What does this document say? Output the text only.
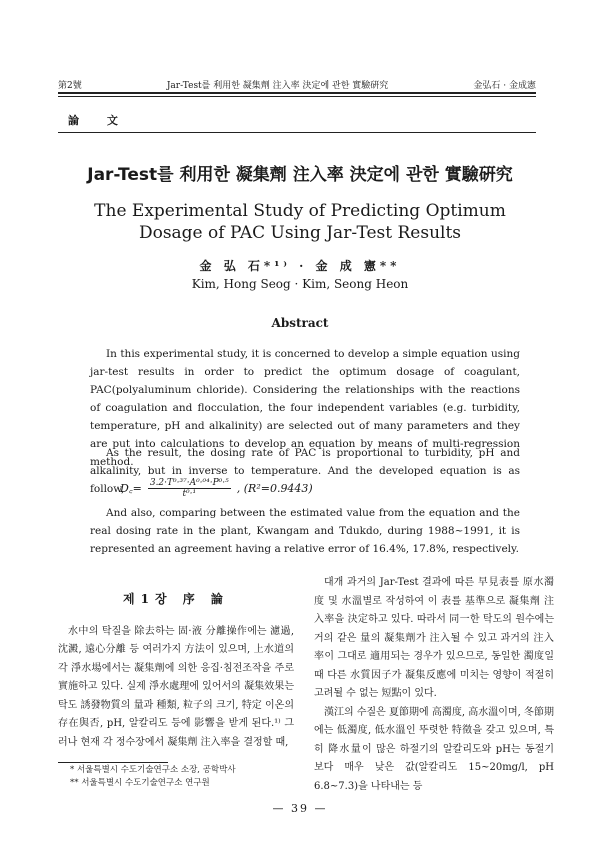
第2號	Jar-Test를 利用한 凝集劑 注入率 決定에 관한 實驗硏究	金弘石 · 金成憲
論 文
Jar-Test를 利用한 凝集劑 注入率 決定에 관한 實驗硏究
The Experimental Study of Predicting Optimum Dosage of PAC Using Jar-Test Results
金 弘 石*¹⁾ · 金 成 憲**
Kim, Hong Seog · Kim, Seong Heon
Abstract
In this experimental study, it is concerned to develop a simple equation using jar-test results in order to predict the optimum dosage of coagulant, PAC(polyaluminum chloride). Considering the relationships with the reactions of coagulation and flocculation, the four independent variables (e.g. turbidity, temperature, pH and alkalinity) are selected out of many parameters and they are put into calculations to develop an equation by means of multi-regression method.
As the result, the dosing rate of PAC is proportional to turbidity, pH and alkalinity, but in inverse to temperature. And the developed equation is as follow,
D꜀= $\frac{\text{3.2·T⁰·³⁷·A⁰·⁰⁴·P⁰·⁵}}{\text{t⁰·¹}}$ , (R²=0.9443)
And also, comparing between the estimated value from the equation and the real dosing rate in the plant, Kwangam and Tdukdo, during 1988~1991, it is represented an agreement having a relative error of 16.4%, 17.8%, respectively.
제1장 序 論

水中의 탁질을 除去하는 固·液 分離操作에는 濾過, 沈澱, 遠心分離 등 여러가지 方法이 있으며, 上水道의 각 淨水場에서는 凝集劑에 의한 응집·침전조작을 주로 實施하고 있다. 실제 淨水處理에 있어서의 凝集效果는 탁도 誘發物質의 量과 種類, 粒子의 크기, 特定 이온의 存在與否, pH, 알칼리도 등에 影響을 받게 된다.¹⁾ 그러나 현재 각 정수장에서 凝集劑 注入率을 결정할 때,

대개 과거의 Jar-Test 결과에 따른 早見表를 原水濁度 및 水溫별로 작성하여 이 表를 基準으로 凝集劑 注入率을 決定하고 있다. 따라서 同一한 탁도의 원수에는 거의 같은 量의 凝集劑가 注入될 수 있고 과거의 注入率이 그대로 適用되는 경우가 있으므로, 동일한 濁度일 때 다른 水質因子가 凝集反應에 미치는 영향이 적절히 고려될 수 없는 短點이 있다.

漢江의 수질은 夏節期에 高濁度, 高水溫이며, 冬節期에는 低濁度, 低水溫인 뚜렷한 特徵을 갖고 있으며, 특히 降水量이 많은 하절기의 알칼리도와 pH는 동절기 보다 매우 낮은 값(알칼리도 15~20mg/l, pH 6.8~7.3)을 나타내는 등

* 서울특별시 수도기술연구소 소장, 공학박사
** 서울특별시 수도기술연구소 연구원
— 39 —
